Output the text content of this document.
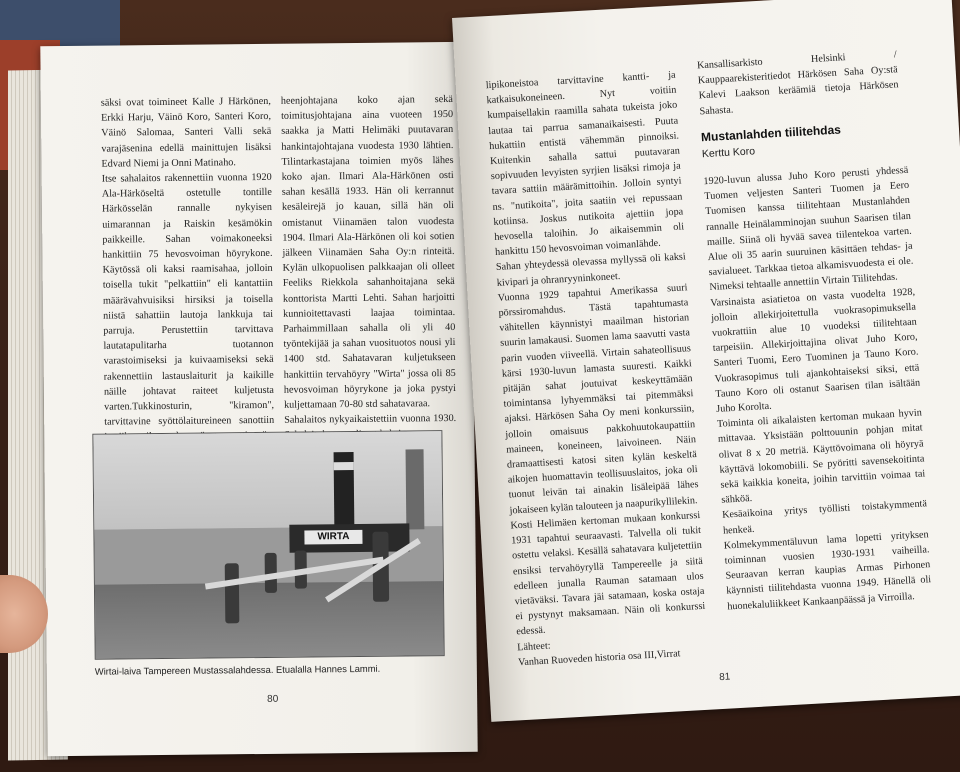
säksi ovat toimineet Kalle J Härkönen, Erkki Harju, Väinö Koro, Santeri Koro, Väinö Salomaa, Santeri Valli sekä varajäsenina edellä mainittujen lisäksi Edvard Niemi ja Onni Matinaho.
Itse sahalaitos rakennettiin vuonna 1920 Ala-Härköseltä ostetulle tontille Härkösselän rannalle nykyisen uimarannan ja Raiskin kesämökin paikkeille. Sahan voimakoneeksi hankittiin 75 hevosvoiman höyrykone. Käytössä oli kaksi raamisahaa, jolloin toisella tukit "pelkattiin" eli kantattiin määrävahvuisiksi hirsiksi ja toisella niistä sahattiin lautoja lankkuja tai parruja. Perustettiin tarvittava lautatapulitarha tuotannon varastoimiseksi ja kuivaamiseksi sekä rakennettiin lastauslaiturit ja kaikille näille johtavat raiteet kuljetusta varten.Tukkinosturin, "kiramon", tarvittavine syöttölaitureineen sanottiin

heenjohtajana koko ajan sekä toimitusjohtajana aina vuoteen 1950 saakka ja Matti Helimäki puutavaran hankintajohtajana vuodesta 1930 lähtien. Tilintarkastajana toimien myös lähes koko ajan. Ilmari Ala-Härkönen osti sahan kesällä 1933. Hän oli kerrannut kesäleirejä jo kauan, sillä hän oli omistanut Viinamäen talon vuodesta 1904. Ilmari Ala-Härkönen oli koi sotien jälkeen Viinamäen Saha Oy:n rinteitä. Kylän ulkopuolisen palkkaajan oli olleet Feeliks Riekkola sahanhoitajana sekä konttorista Martti Lehti. Sahan harjoitti kunnioitettavasti laajaa toimintaa. Parhaimmillaan sahalla oli yli 40 työntekijää ja sahan vuosituotos nousi yli 1400 std. Sahatavaran kuljetukseen hankittiin tervahöyry "Wirta" jossa oli 85 hevosvoiman höyrykone ja joka pystyi kuljettamaan 70-80 std sahatavaraa.
Sahalaitos nykyaikaistettiin vuonna 1930.
WIRTA
Wirtai-laiva Tampereen Mustassalahdessa. Etualalla Hannes Lammi.
80
lipikoneistoa tarvittavine kantti- ja katkaisukoneineen. Nyt voitiin kumpaisellakin raamilla sahata tukeista joko lautaa tai parrua samanaikaisesti. Puuta hukattiin entistä vähemmän pinnoiksi. Kuitenkin sahalla sattui puutavaran sopivuuden levyisten syrjien lisäksi rimoja ja tavara sattiin määrämittoihin. Jolloin syntyi ns. "nutikoita", joita saatiin vei repussaan kotiinsa. Joskus nutikoita ajettiin jopa hevosella taloihin. Jo aikaisemmin oli hankittu 150 hevosvoiman voimanlähde.
Sahan yhteydessä olevassa myllyssä oli kaksi kivipari ja ohranryyninkoneet.
Vuonna 1929 tapahtui Amerikassa suuri pörssiromahdus. Tästä tapahtumasta vähitellen käynnistyi maailman historian suurin lamakausi. Suomen lama saavutti vasta parin vuoden viiveellä. Virtain sahateollisuus kärsi 1930-luvun lamasta suuresti. Kaikki pitäjän sahat joutuivat keskeyttämään toimintansa lyhyemmäksi tai pitemmäksi ajaksi. Härkösen Saha Oy meni konkurssiin, jolloin omaisuus pakkohuutokaupattiin maineen, koneineen, laivoineen. Näin dramaattisesti katosi siten kylän keskeltä aikojen huomattavin teollisuuslaitos, joka oli tuonut leivän tai ainakin lisäleipää lähes jokaiseen kylän talouteen ja naapurikyllilekin.
Kosti Helimäen kertoman mukaan konkurssi 1931 tapahtui seuraavasti. Talvella oli tukit ostettu velaksi. Kesällä sahatavara kuljetettiin ensiksi tervahöyryllä Tampereelle ja siitä edelleen junalla Rauman satamaan ulos vietäväksi. Tavara jäi satamaan, koska ostaja ei pystynyt maksamaan. Näin oli konkurssi edessä.
Lähteet:
Vanhan Ruoveden historia osa III,Virrat
Kansallisarkisto Helsinki / Kauppaarekisteritiedot Härkösen Saha Oy:stä Kalevi Laakson keräämiä tietoja Härkösen Sahasta.
Mustanlahden tiilitehdas
Kerttu Koro
1920-luvun alussa Juho Koro perusti yhdessä Tuomen veljesten Santeri Tuomen ja Eero Tuomisen kanssa tiilitehtaan Mustanlahden rannalle Heinälamminojan suuhun Saarisen tilan maille. Siinä oli hyvää savea tiilentekoa varten. Alue oli 35 aarin suuruinen käsittäen tehdas- ja savialueet. Tarkkaa tietoa alkamisvuodesta ei ole. Nimeksi tehtaalle annettiin Virtain Tiilitehdas.
Varsinaista asiatietoa on vasta vuodelta 1928, jolloin allekirjoitettulla vuokrasopimuksella vuokrattiin alue 10 vuodeksi tiilitehtaan tarpeisiin. Allekirjoittajina olivat Juho Koro, Santeri Tuomi, Eero Tuominen ja Tauno Koro. Vuokrasopimus tuli ajankohtaiseksi siksi, että Tauno Koro oli ostanut Saarisen tilan isältään Juho Korolta.
Toiminta oli aikalaisten kertoman mukaan hyvin mittavaa. Yksistään polttouunin pohjan mitat olivat 8 x 20 metriä. Käyttövoimana oli höyryä käyttävä lokomobiili. Se pyöritti savensekoitinta sekä kaikkia koneita, joihin tarvittiin voimaa tai sähköä.
Kesäaikoina yritys työllisti toistakymmentä henkeä.
Kolmekymmentäluvun lama lopetti yrityksen toiminnan vuosien 1930-1931 vaiheilla. Seuraavan kerran kaupias Armas Pirhonen käynnisti tiilitehdasta vuonna 1949. Hänellä oli huonekaluliikkeet Kankaanpäässä ja Virroilla.
81
